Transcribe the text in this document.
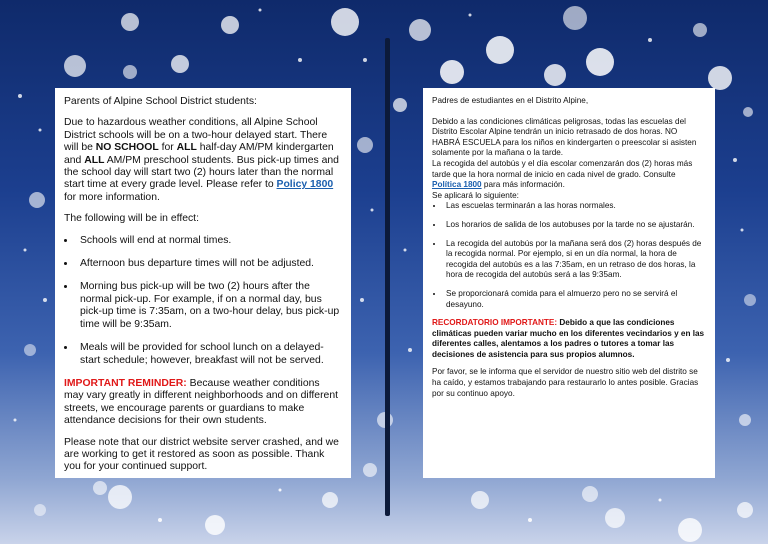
Parents of Alpine School District students:

Due to hazardous weather conditions, all Alpine School District schools will be on a two-hour delayed start. There will be NO SCHOOL for ALL half-day AM/PM kindergarten and ALL AM/PM preschool students. Bus pick-up times and the school day will start two (2) hours later than the normal start time at every grade level. Please refer to Policy 1800 for more information.

The following will be in effect:

• Schools will end at normal times.
• Afternoon bus departure times will not be adjusted.
• Morning bus pick-up will be two (2) hours after the normal pick-up. For example, if on a normal day, bus pick-up time is 7:35am, on a two-hour delay, bus pick-up time will be 9:35am.
• Meals will be provided for school lunch on a delayed-start schedule; however, breakfast will not be served.

IMPORTANT REMINDER: Because weather conditions may vary greatly in different neighborhoods and on different streets, we encourage parents or guardians to make attendance decisions for their own students.

Please note that our district website server crashed, and we are working to get it restored as soon as possible. Thank you for your continued support.

Padres de estudiantes en el Distrito Alpine,

Debido a las condiciones climáticas peligrosas, todas las escuelas del Distrito Escolar Alpine tendrán un inicio retrasado de dos horas. NO HABRÁ ESCUELA para los niños en kindergarten o preescolar si asisten solamente por la mañana o la tarde.

La recogida del autobús y el día escolar comenzarán dos (2) horas más tarde que la hora normal de inicio en cada nivel de grado. Consulte Política 1800 para más información.

Se aplicará lo siguiente:

• Las escuelas terminarán a las horas normales.
• Los horarios de salida de los autobuses por la tarde no se ajustarán.
• La recogida del autobús por la mañana será dos (2) horas después de la recogida normal. Por ejemplo, si en un día normal, la hora de recogida del autobús es a las 7:35am, en un retraso de dos horas, la hora de recogida del autobús será a las 9:35am.
• Se proporcionará comida para el almuerzo pero no se servirá el desayuno.

RECORDATORIO IMPORTANTE: Debido a que las condiciones climáticas pueden variar mucho en los diferentes vecindarios y en las diferentes calles, alentamos a los padres o tutores a tomar las decisiones de asistencia para sus propios alumnos.

Por favor, se le informa que el servidor de nuestro sitio web del distrito se ha caído, y estamos trabajando para restaurarlo lo antes posible. Gracias por su continuo apoyo.
